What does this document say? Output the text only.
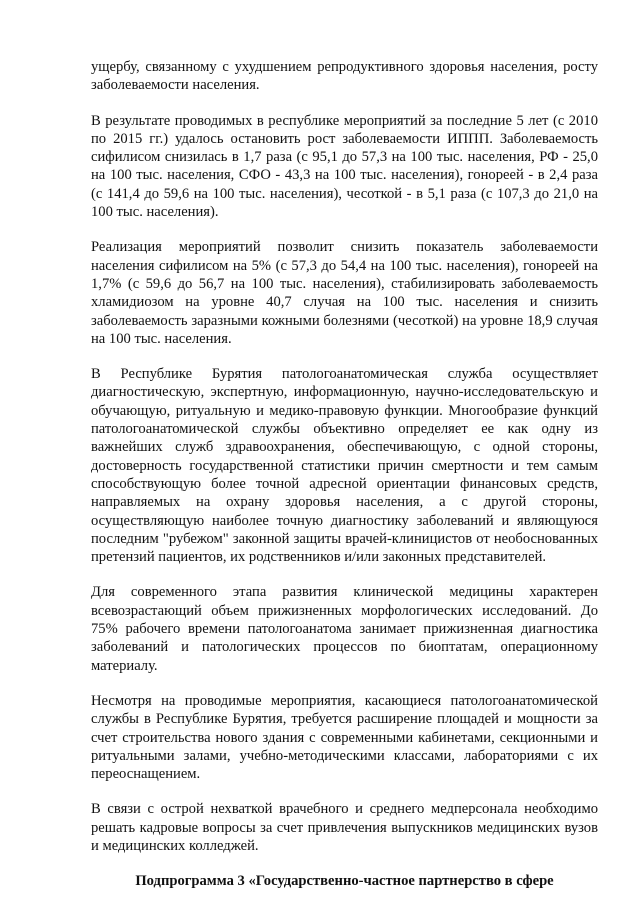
ущербу, связанному с ухудшением репродуктивного здоровья населения, росту заболеваемости населения.

В результате проводимых в республике мероприятий за последние 5 лет (с 2010 по 2015 гг.) удалось остановить рост заболеваемости ИППП. Заболеваемость сифилисом снизилась в 1,7 раза (с 95,1 до 57,3 на 100 тыс. населения, РФ - 25,0 на 100 тыс. населения, СФО - 43,3 на 100 тыс. населения), гонореей - в 2,4 раза (с 141,4 до 59,6 на 100 тыс. населения), чесоткой - в 5,1 раза (с 107,3 до 21,0 на 100 тыс. населения).

Реализация мероприятий позволит снизить показатель заболеваемости населения сифилисом на 5% (с 57,3 до 54,4 на 100 тыс. населения), гонореей на 1,7% (с 59,6 до 56,7 на 100 тыс. населения), стабилизировать заболеваемость хламидиозом на уровне 40,7 случая на 100 тыс. населения и снизить заболеваемость заразными кожными болезнями (чесоткой) на уровне 18,9 случая на 100 тыс. населения.

В Республике Бурятия патологоанатомическая служба осуществляет диагностическую, экспертную, информационную, научно-исследовательскую и обучающую, ритуальную и медико-правовую функции. Многообразие функций патологоанатомической службы объективно определяет ее как одну из важнейших служб здравоохранения, обеспечивающую, с одной стороны, достоверность государственной статистики причин смертности и тем самым способствующую более точной адресной ориентации финансовых средств, направляемых на охрану здоровья населения, а с другой стороны, осуществляющую наиболее точную диагностику заболеваний и являющуюся последним "рубежом" законной защиты врачей-клиницистов от необоснованных претензий пациентов, их родственников и/или законных представителей.

Для современного этапа развития клинической медицины характерен всевозрастающий объем прижизненных морфологических исследований. До 75% рабочего времени патологоанатома занимает прижизненная диагностика заболеваний и патологических процессов по биоптатам, операционному материалу.

Несмотря на проводимые мероприятия, касающиеся патологоанатомической службы в Республике Бурятия, требуется расширение площадей и мощности за счет строительства нового здания с современными кабинетами, секционными и ритуальными залами, учебно-методическими классами, лабораториями с их переоснащением.

В связи с острой нехваткой врачебного и среднего медперсонала необходимо решать кадровые вопросы за счет привлечения выпускников медицинских вузов и медицинских колледжей.

Подпрограмма 3 «Государственно-частное партнерство в сфере
